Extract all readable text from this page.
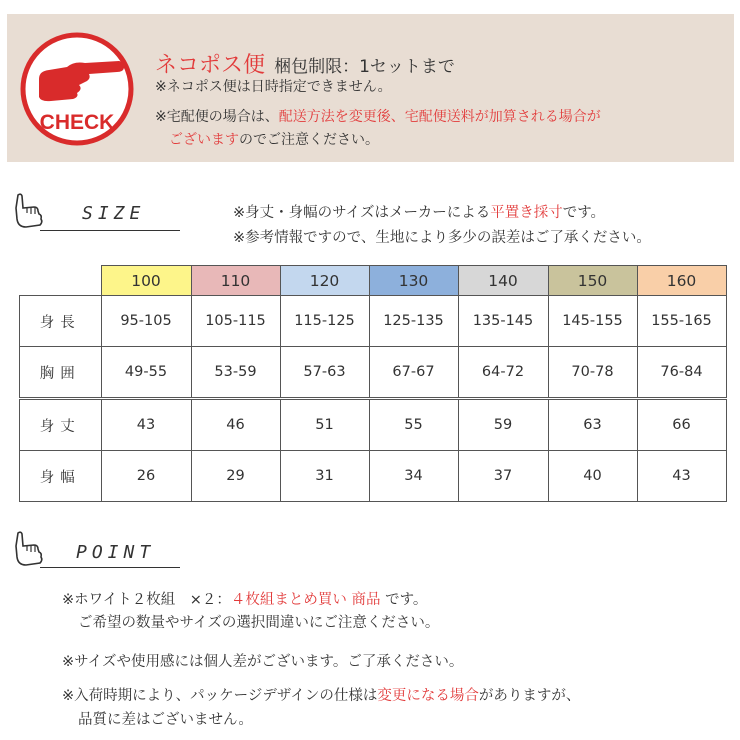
CHECK
ネコポス便 梱包制限：1セットまで
※ネコポス便は日時指定できません。
※宅配便の場合は、配送方法を変更後、宅配便送料が加算される場合が
ございますのでご注意ください。
SIZE	※身丈・身幅のサイズはメーカーによる平置き採寸です。
※参考情報ですので、生地により多少の誤差はご了承ください。
	100	110	120	130	140	150	160
身長	95-105	105-115	115-125	125-135	135-145	145-155	155-165
胸囲	49-55	53-59	57-63	67-67	64-72	70-78	76-84
身丈	43	46	51	55	59	63	66
身幅	26	29	31	34	37	40	43
POINT
※ホワイト２枚組　×２：４枚組まとめ買い 商品 です。
ご希望の数量やサイズの選択間違いにご注意ください。
※サイズや使用感には個人差がございます。ご了承ください。
※入荷時期により、パッケージデザインの仕様は変更になる場合がありますが、
品質に差はございません。
